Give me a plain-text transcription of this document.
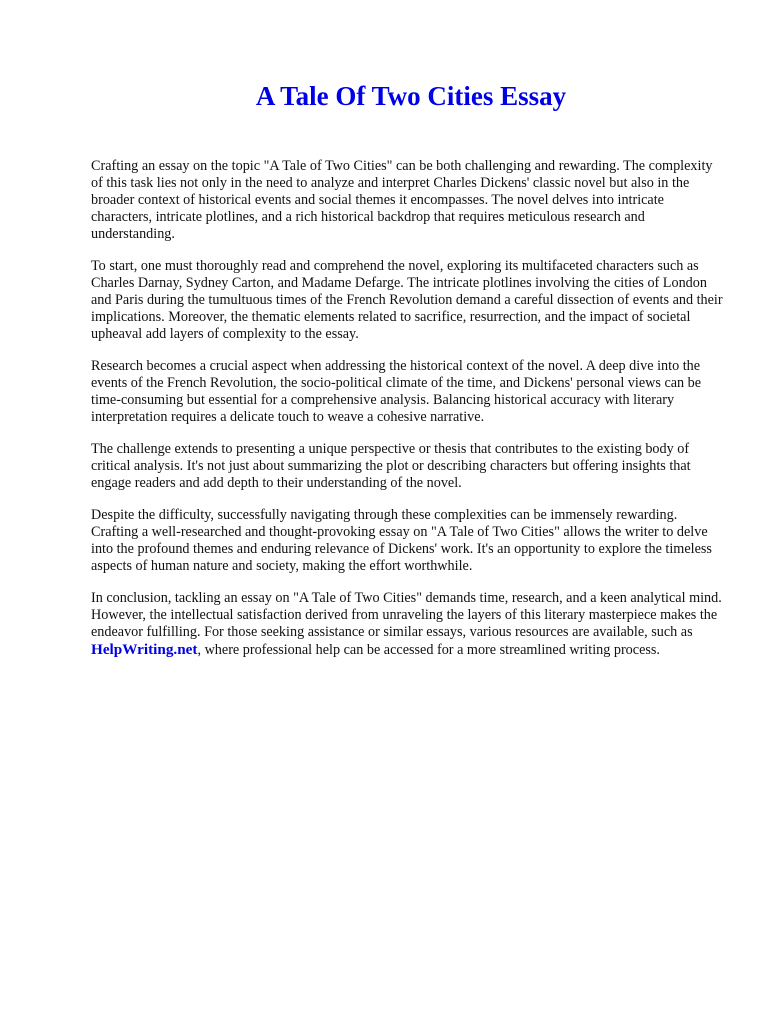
A Tale Of Two Cities Essay

Crafting an essay on the topic "A Tale of Two Cities" can be both challenging and rewarding. The complexity of this task lies not only in the need to analyze and interpret Charles Dickens' classic novel but also in the broader context of historical events and social themes it encompasses. The novel delves into intricate characters, intricate plotlines, and a rich historical backdrop that requires meticulous research and understanding.

To start, one must thoroughly read and comprehend the novel, exploring its multifaceted characters such as Charles Darnay, Sydney Carton, and Madame Defarge. The intricate plotlines involving the cities of London and Paris during the tumultuous times of the French Revolution demand a careful dissection of events and their implications. Moreover, the thematic elements related to sacrifice, resurrection, and the impact of societal upheaval add layers of complexity to the essay.

Research becomes a crucial aspect when addressing the historical context of the novel. A deep dive into the events of the French Revolution, the socio-political climate of the time, and Dickens' personal views can be time-consuming but essential for a comprehensive analysis. Balancing historical accuracy with literary interpretation requires a delicate touch to weave a cohesive narrative.

The challenge extends to presenting a unique perspective or thesis that contributes to the existing body of critical analysis. It's not just about summarizing the plot or describing characters but offering insights that engage readers and add depth to their understanding of the novel.

Despite the difficulty, successfully navigating through these complexities can be immensely rewarding. Crafting a well-researched and thought-provoking essay on "A Tale of Two Cities" allows the writer to delve into the profound themes and enduring relevance of Dickens' work. It's an opportunity to explore the timeless aspects of human nature and society, making the effort worthwhile.

In conclusion, tackling an essay on "A Tale of Two Cities" demands time, research, and a keen analytical mind. However, the intellectual satisfaction derived from unraveling the layers of this literary masterpiece makes the endeavor fulfilling. For those seeking assistance or similar essays, various resources are available, such as HelpWriting.net, where professional help can be accessed for a more streamlined writing process.
